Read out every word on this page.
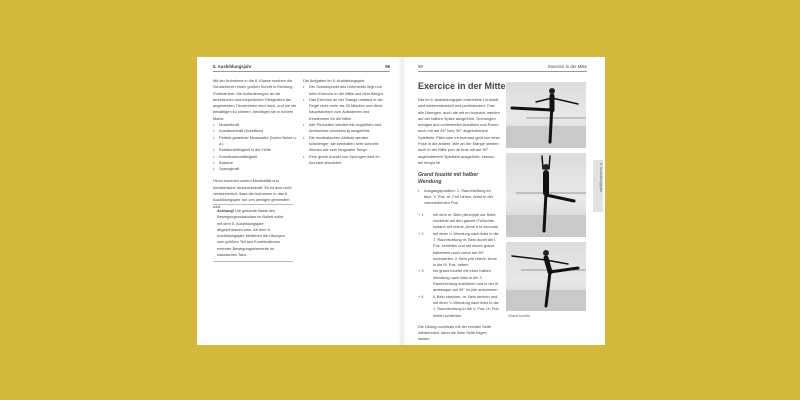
6. Ausbildungsjahr	96

Mit der Aufnahme in die 6. Klasse machen die Schülerinnen einen großen Schritt in Richtung Profikarriere. Die Anforderungen an die technischen und körperlichen Fähigkeiten der angehenden Tänzerinnen sind hoch, und um sie bewältigen zu können, benötigen sie in hohem Maße:

• Muskelkraft
• Ausdauerkraft (Kondition)
• Perfekt gedehnte Muskulatur (Ischio Beine u. a.)
• Rotationsfähigkeit in der Hüfte
• Koordinationsfähigkeit
• Balance
• Sprungkraft

Hinzu kommen zudem Musikalität und künstlerische Ausdruckskraft. Es ist also nicht verwunderlich, dass die Aufnahme in das 6. Ausbildungsjahr nur von wenigen gemeistert wird.

Die Aufgaben im 6. Ausbildungsjahr:

• Der Schwerpunkt des Unterrichts liegt nun beim Exercice in der Mitte und dem Allegro.
• Das Exercice an der Stange umfasst in der Regel nicht mehr als 30 Minuten und dient hauptsächlich zum Aufwärmen und Einstimmen für die Mitte.
• Alle Pirouetten werden mit doppeltem und dreifachem Umdrehung ausgeführt.
• Die musikalischen Abläufe werden schwieriger, sie beinhalten sehr schnelle ebenso wie sehr langsame Tempi.
• Eine große Anzahl von Sprüngen wird en tournant absolviert.
Achtung! Die gesamte Basis des Bewegungsvokabulars im Ballett sollte mit dem 5. Ausbildungsjahr abgeschlossen sein. Ab dem 6. Ausbildungsjahr bestehen die Übungen zum größten Teil aus Kombinationen erlernter Bewegungselemente im klassischen Tanz.
99	Exercice in der Mitte
Exercice in der Mitte

Der im 5. Ausbildungsjahr erarbeitete Lernstoff wird weiterentwickelt und perfektioniert. Fast alle Übungen, auch die mit en tournant, werden auf der halben Spitze ausgeführt. Drehungen erfolgen aus vorlierenden Ansätzen und Posen auch mit auf 45° bzw. 90° angehobenem Spielbein. Pliés oder en tournant geht von einer Pose in die andere. Wie an der Stange werden auch in der Mitte port de bras mit auf 90° angehobenem Spielbein ausgeführt, ebenso bei tempo lié.

Grand fouetté mit halber Wendung
• Ausgangsposition: 1. Raumrichtung en face, V. Pos. re. Fuß hinten, Arme in der vorbereitenden Pos.
+ 1	mit dem re. Bein plievoppé zur Seite, zunächst auf den ganzen Fußsohle, sodann mit relevé, Arme à la seconde
+ 2	mit einer ¼ Wendung nach links in die 7. Raumrichtung re. Bein durch die I. Pos. schleifen und mit einem grand battement nach vorne auf 90° hochwerfen, li. Bein plié relevé, Arme in die III. Pos. heben
+ 3	ein grand fouetté mit einer halben Wendung nach links in die 3. Raumrichtung ausführen und in der III. arabesque auf 90° im plié ankommen
+ 4	li. Bein strecken, re. Bein senken und mit einer ¼ Wendung nach links in die 1. Raumrichtung in die V. Pos. re. Fuß hinten schließen

Die Übung nochmals mit der rechten Seite wiederholen, dann die linke Seite folgen lassen.

Grand fouetté
6. Ausbildungsjahr
